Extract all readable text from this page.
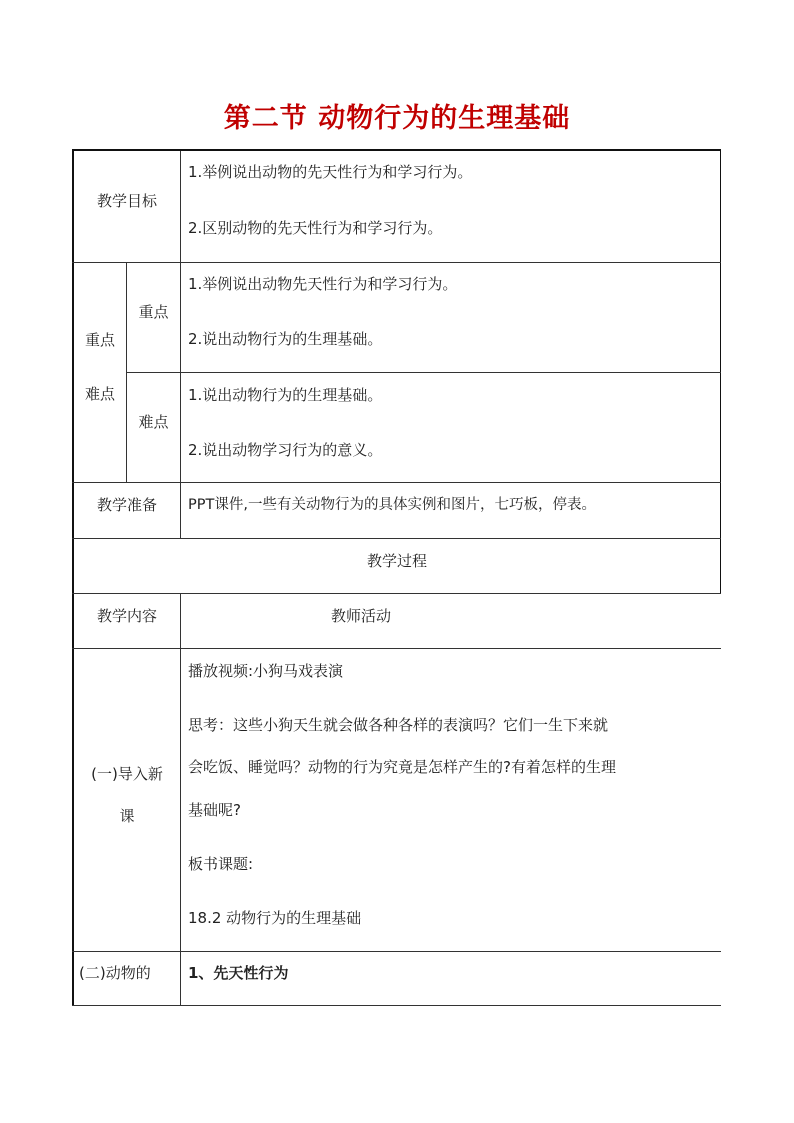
第二节 动物行为的生理基础
教学目标
1.举例说出动物的先天性行为和学习行为。
2.区别动物的先天性行为和学习行为。
重点
难点
重点
1.举例说出动物先天性行为和学习行为。
2.说出动物行为的生理基础。
难点
1.说出动物行为的生理基础。
2.说出动物学习行为的意义。
教学准备	PPT课件,一些有关动物行为的具体实例和图片，七巧板，停表。
教学过程
教学内容	教师活动
(一)导入新
课
播放视频:小狗马戏表演
思考：这些小狗天生就会做各种各样的表演吗？它们一生下来就
会吃饭、睡觉吗？动物的行为究竟是怎样产生的?有着怎样的生理
基础呢?
板书课题:
18.2 动物行为的生理基础
(二)动物的 1、先天性行为
